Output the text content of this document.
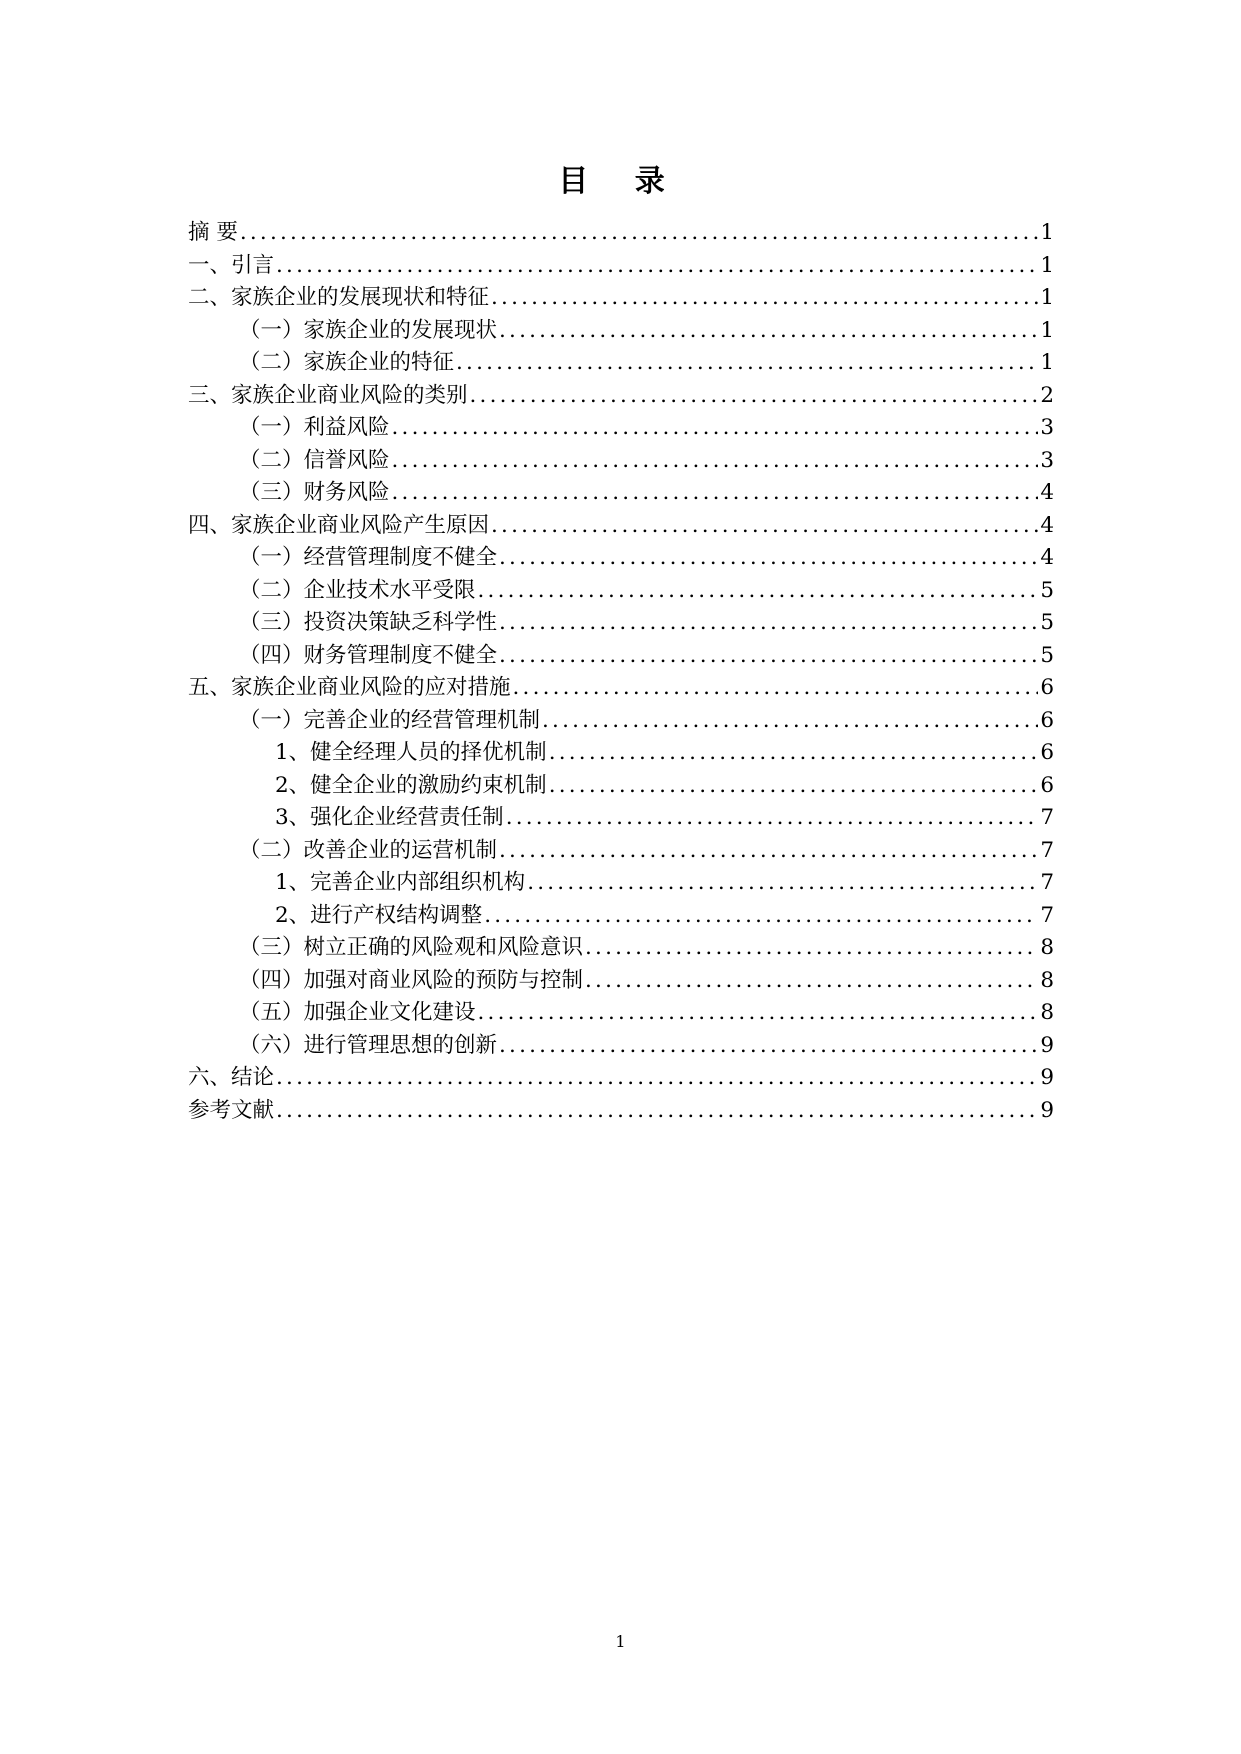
目 录
摘 要 .....	1
一、引言 .....	1
二、家族企业的发展现状和特征 .....	1
（一）家族企业的发展现状 .....	1
（二）家族企业的特征 .....	1
三、家族企业商业风险的类别 .....	2
（一）利益风险 .....	3
（二）信誉风险 .....	3
（三）财务风险 .....	4
四、家族企业商业风险产生原因 .....	4
（一）经营管理制度不健全 .....	4
（二）企业技术水平受限 .....	5
（三）投资决策缺乏科学性 .....	5
（四）财务管理制度不健全 .....	5
五、家族企业商业风险的应对措施 .....	6
（一）完善企业的经营管理机制 .....	6
1、健全经理人员的择优机制 .....	6
2、健全企业的激励约束机制 .....	6
3、强化企业经营责任制 .....	7
（二）改善企业的运营机制 .....	7
1、完善企业内部组织机构 .....	7
2、进行产权结构调整 .....	7
（三）树立正确的风险观和风险意识 .....	8
（四）加强对商业风险的预防与控制 .....	8
（五）加强企业文化建设 .....	8
（六）进行管理思想的创新 .....	9
六、结论 .....	9
参考文献 .....	9
1
